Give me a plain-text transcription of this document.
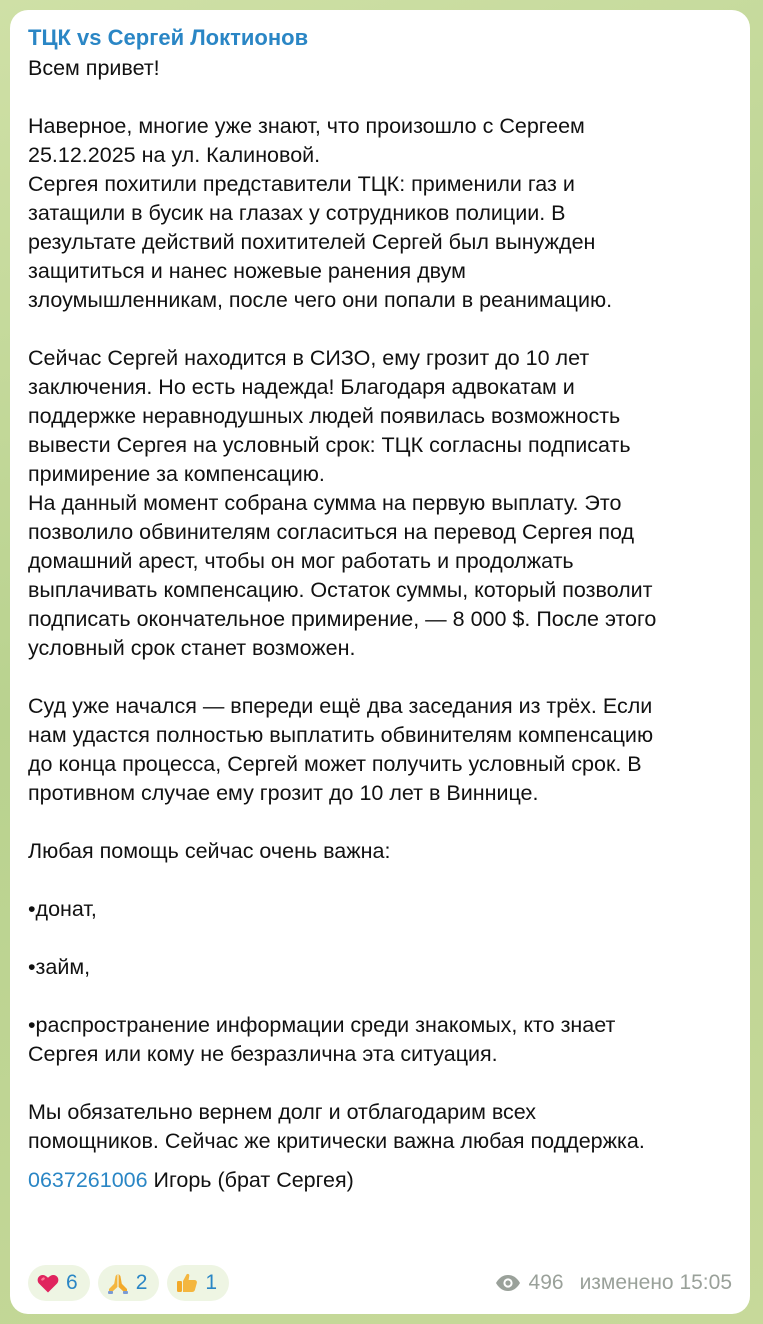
ТЦК vs Сергей Локтионов
Всем привет!

Наверное, многие уже знают, что произошло с Сергеем
25.12.2025 на ул. Калиновой.
Сергея похитили представители ТЦК: применили газ и
затащили в бусик на глазах у сотрудников полиции. В
результате действий похитителей Сергей был вынужден
защититься и нанес ножевые ранения двум
злоумышленникам, после чего они попали в реанимацию.

Сейчас Сергей находится в СИЗО, ему грозит до 10 лет
заключения. Но есть надежда! Благодаря адвокатам и
поддержке неравнодушных людей появилась возможность
вывести Сергея на условный срок: ТЦК согласны подписать
примирение за компенсацию.
На данный момент собрана сумма на первую выплату. Это
позволило обвинителям согласиться на перевод Сергея под
домашний арест, чтобы он мог работать и продолжать
выплачивать компенсацию. Остаток суммы, который позволит
подписать окончательное примирение, — 8 000 $. После этого
условный срок станет возможен.

Суд уже начался — впереди ещё два заседания из трёх. Если
нам удастся полностью выплатить обвинителям компенсацию
до конца процесса, Сергей может получить условный срок. В
противном случае ему грозит до 10 лет в Виннице.

Любая помощь сейчас очень важна:

•донат,

•займ,

•распространение информации среди знакомых, кто знает
Сергея или кому не безразлична эта ситуация.

Мы обязательно вернем долг и отблагодарим всех
помощников. Сейчас же критически важна любая поддержка.
0637261006 Игорь (брат Сергея)
6	2	1	496 изменено 15:05
